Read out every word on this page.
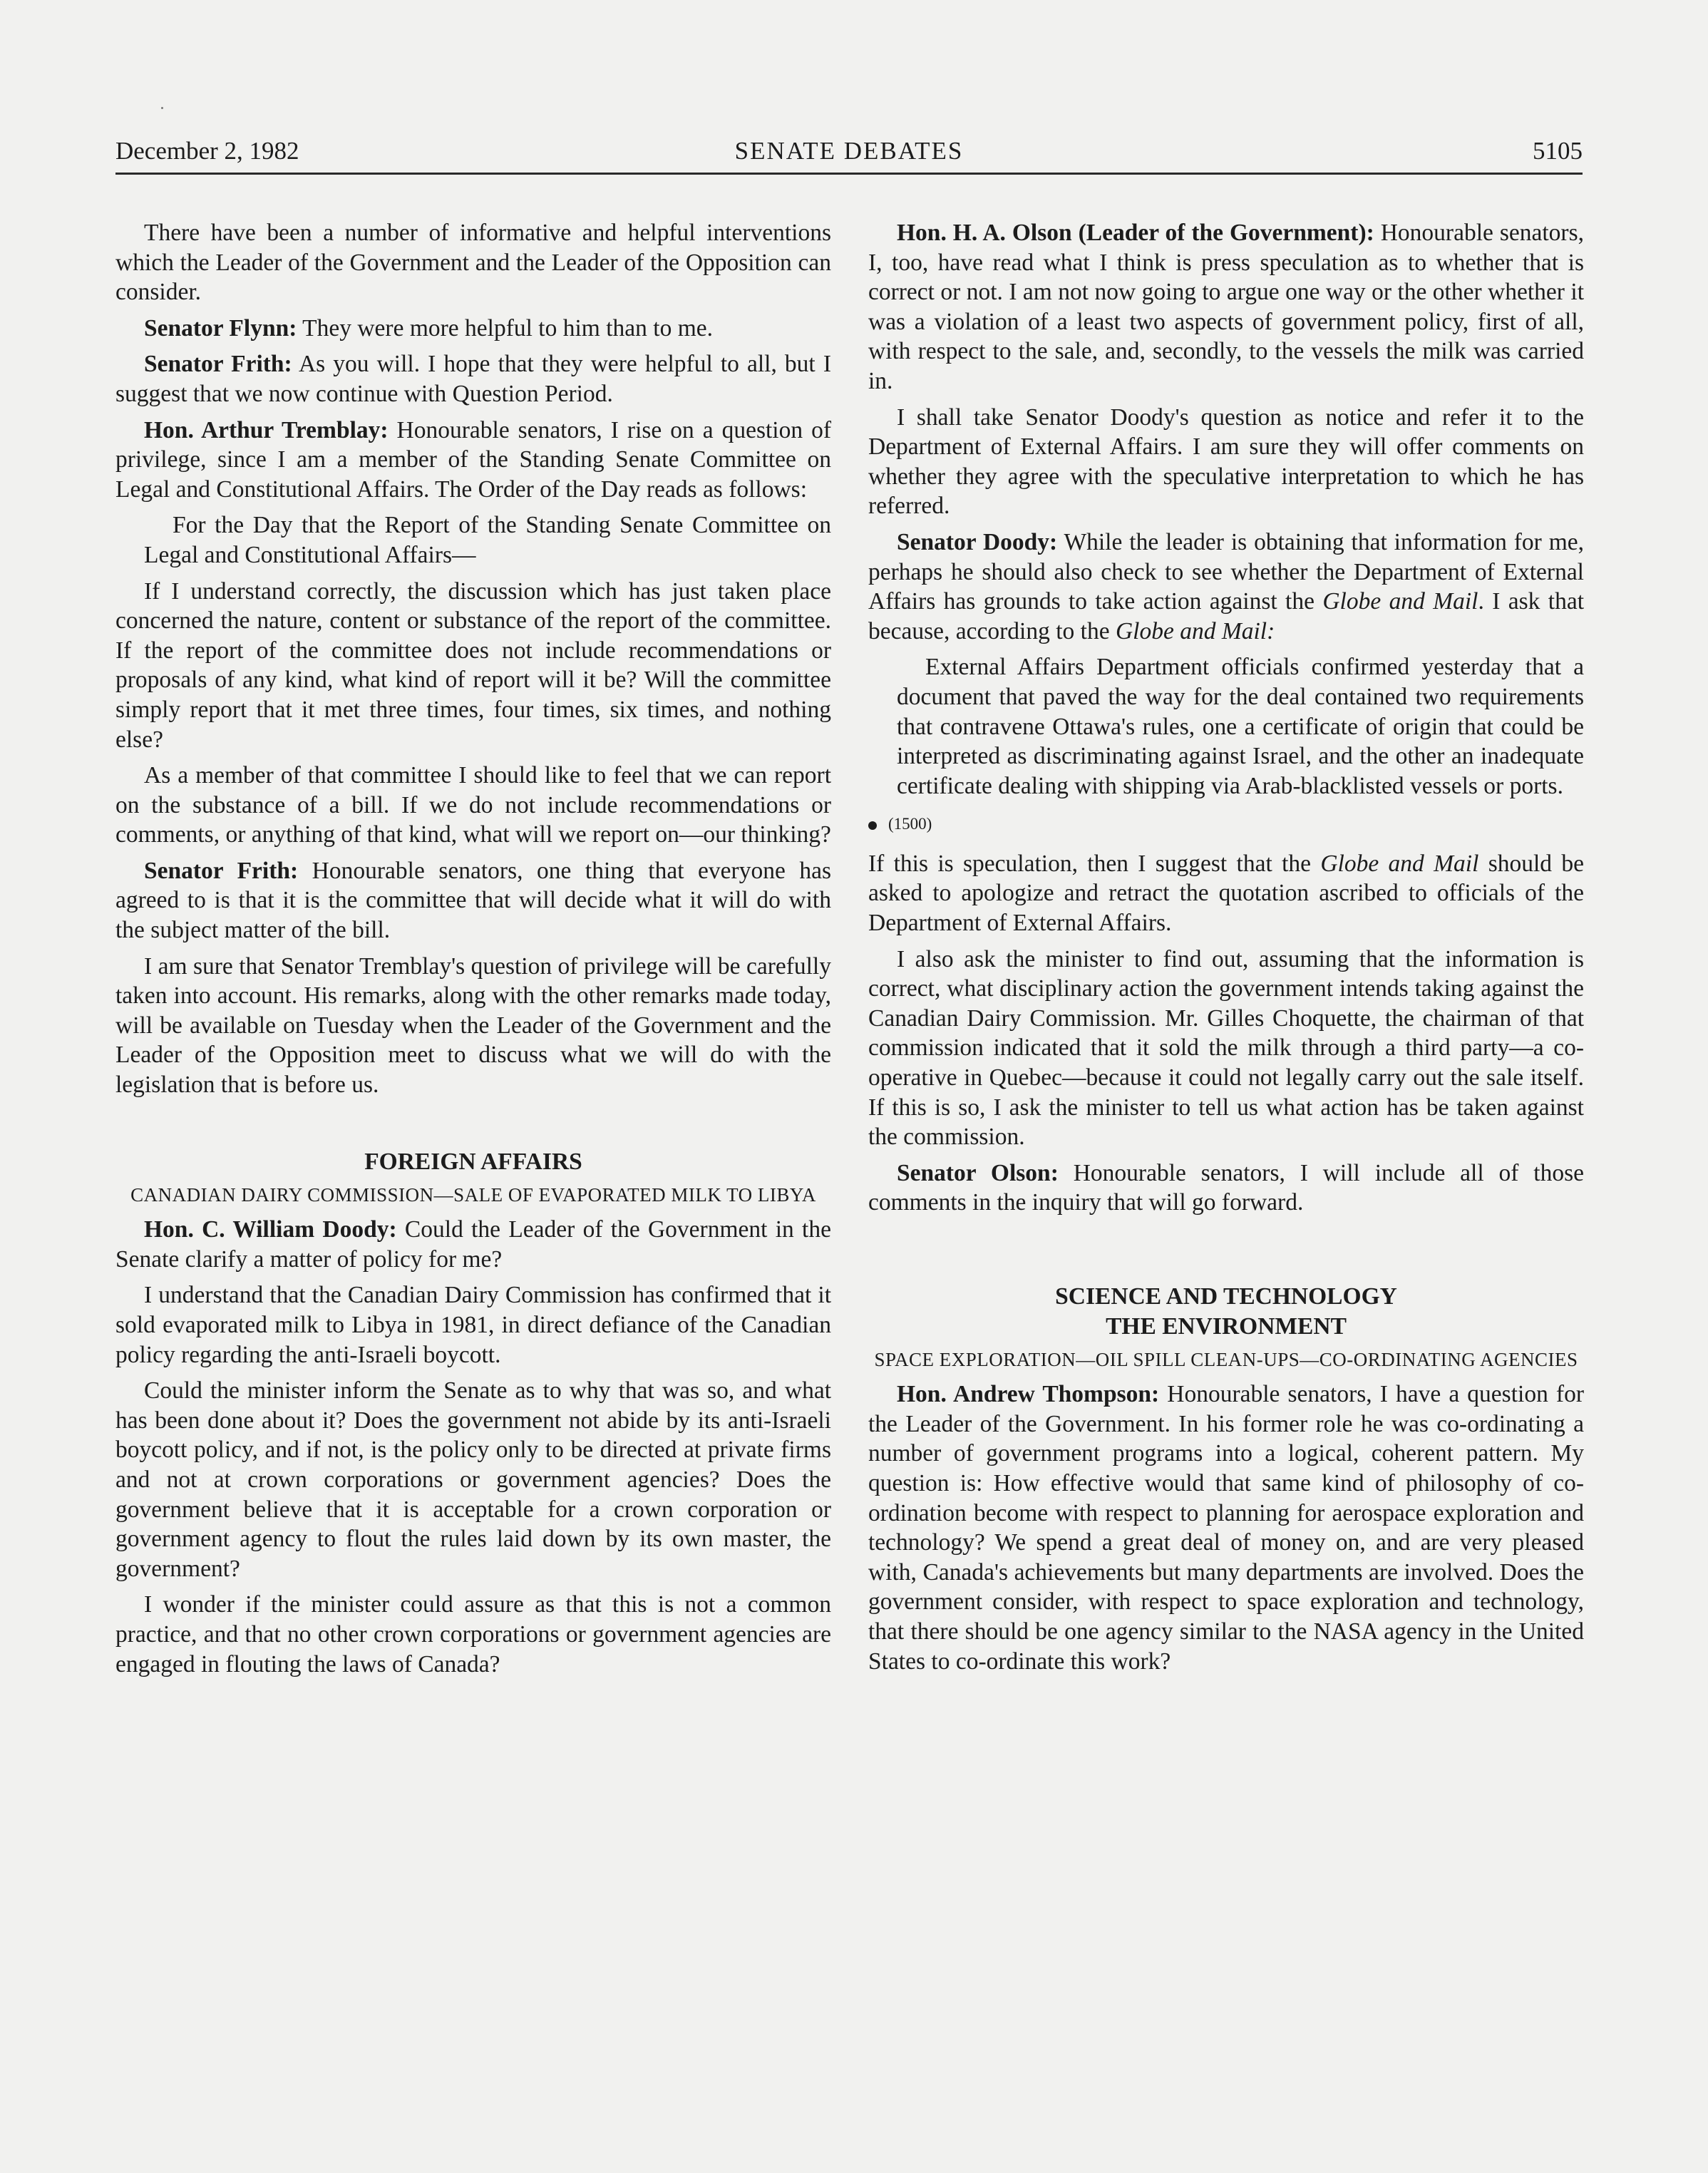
December 2, 1982	SENATE DEBATES	5105

There have been a number of informative and helpful interventions which the Leader of the Government and the Leader of the Opposition can consider.

Senator Flynn: They were more helpful to him than to me.

Senator Frith: As you will. I hope that they were helpful to all, but I suggest that we now continue with Question Period.

Hon. Arthur Tremblay: Honourable senators, I rise on a question of privilege, since I am a member of the Standing Senate Committee on Legal and Constitutional Affairs. The Order of the Day reads as follows:

For the Day that the Report of the Standing Senate Committee on Legal and Constitutional Affairs—

If I understand correctly, the discussion which has just taken place concerned the nature, content or substance of the report of the committee. If the report of the committee does not include recommendations or proposals of any kind, what kind of report will it be? Will the committee simply report that it met three times, four times, six times, and nothing else?

As a member of that committee I should like to feel that we can report on the substance of a bill. If we do not include recommendations or comments, or anything of that kind, what will we report on—our thinking?

Senator Frith: Honourable senators, one thing that everyone has agreed to is that it is the committee that will decide what it will do with the subject matter of the bill.

I am sure that Senator Tremblay's question of privilege will be carefully taken into account. His remarks, along with the other remarks made today, will be available on Tuesday when the Leader of the Government and the Leader of the Opposition meet to discuss what we will do with the legislation that is before us.

FOREIGN AFFAIRS
CANADIAN DAIRY COMMISSION—SALE OF EVAPORATED MILK TO LIBYA

Hon. C. William Doody: Could the Leader of the Government in the Senate clarify a matter of policy for me?

I understand that the Canadian Dairy Commission has confirmed that it sold evaporated milk to Libya in 1981, in direct defiance of the Canadian policy regarding the anti-Israeli boycott.

Could the minister inform the Senate as to why that was so, and what has been done about it? Does the government not abide by its anti-Israeli boycott policy, and if not, is the policy only to be directed at private firms and not at crown corporations or government agencies? Does the government believe that it is acceptable for a crown corporation or government agency to flout the rules laid down by its own master, the government?

I wonder if the minister could assure as that this is not a common practice, and that no other crown corporations or government agencies are engaged in flouting the laws of Canada?

Hon. H. A. Olson (Leader of the Government): Honourable senators, I, too, have read what I think is press speculation as to whether that is correct or not. I am not now going to argue one way or the other whether it was a violation of a least two aspects of government policy, first of all, with respect to the sale, and, secondly, to the vessels the milk was carried in.

I shall take Senator Doody's question as notice and refer it to the Department of External Affairs. I am sure they will offer comments on whether they agree with the speculative interpretation to which he has referred.

Senator Doody: While the leader is obtaining that information for me, perhaps he should also check to see whether the Department of External Affairs has grounds to take action against the Globe and Mail. I ask that because, according to the Globe and Mail:

External Affairs Department officials confirmed yesterday that a document that paved the way for the deal contained two requirements that contravene Ottawa's rules, one a certificate of origin that could be interpreted as discriminating against Israel, and the other an inadequate certificate dealing with shipping via Arab-blacklisted vessels or ports.
(1500)

If this is speculation, then I suggest that the Globe and Mail should be asked to apologize and retract the quotation ascribed to officials of the Department of External Affairs.

I also ask the minister to find out, assuming that the information is correct, what disciplinary action the government intends taking against the Canadian Dairy Commission. Mr. Gilles Choquette, the chairman of that commission indicated that it sold the milk through a third party—a co-operative in Quebec—because it could not legally carry out the sale itself. If this is so, I ask the minister to tell us what action has be taken against the commission.

Senator Olson: Honourable senators, I will include all of those comments in the inquiry that will go forward.

SCIENCE AND TECHNOLOGY
THE ENVIRONMENT
SPACE EXPLORATION—OIL SPILL CLEAN-UPS—CO-ORDINATING AGENCIES

Hon. Andrew Thompson: Honourable senators, I have a question for the Leader of the Government. In his former role he was co-ordinating a number of government programs into a logical, coherent pattern. My question is: How effective would that same kind of philosophy of co-ordination become with respect to planning for aerospace exploration and technology? We spend a great deal of money on, and are very pleased with, Canada's achievements but many departments are involved. Does the government consider, with respect to space exploration and technology, that there should be one agency similar to the NASA agency in the United States to co-ordinate this work?
